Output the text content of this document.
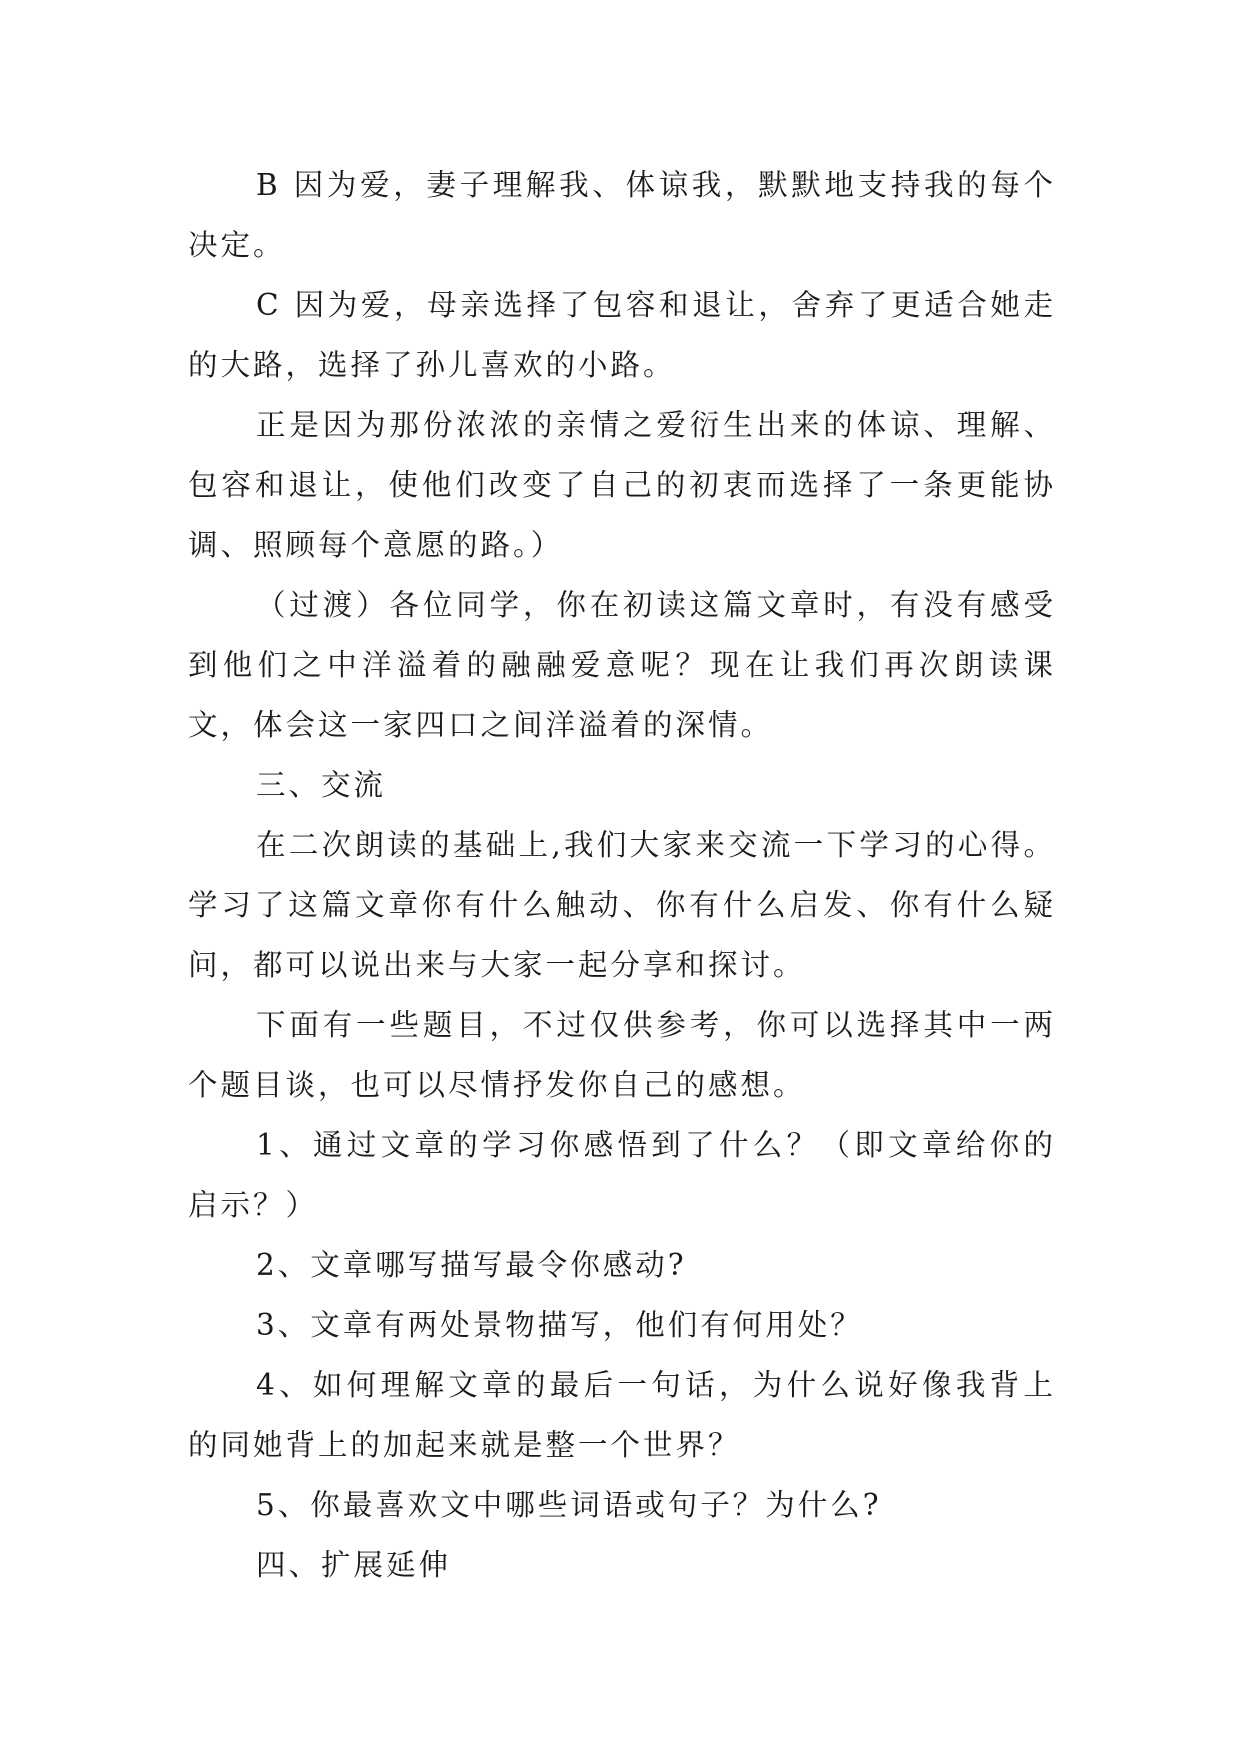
B 因为爱，妻子理解我、体谅我，默默地支持我的每个决定。

C 因为爱，母亲选择了包容和退让，舍弃了更适合她走的大路，选择了孙儿喜欢的小路。

正是因为那份浓浓的亲情之爱衍生出来的体谅、理解、包容和退让，使他们改变了自己的初衷而选择了一条更能协调、照顾每个意愿的路。）

（过渡）各位同学，你在初读这篇文章时，有没有感受到他们之中洋溢着的融融爱意呢？现在让我们再次朗读课文，体会这一家四口之间洋溢着的深情。

三、交流

在二次朗读的基础上,我们大家来交流一下学习的心得。学习了这篇文章你有什么触动、你有什么启发、你有什么疑问，都可以说出来与大家一起分享和探讨。

下面有一些题目，不过仅供参考，你可以选择其中一两个题目谈，也可以尽情抒发你自己的感想。

1、通过文章的学习你感悟到了什么？（即文章给你的启示？）

2、文章哪写描写最令你感动?

3、文章有两处景物描写，他们有何用处？

4、如何理解文章的最后一句话，为什么说好像我背上的同她背上的加起来就是整一个世界？

5、你最喜欢文中哪些词语或句子？为什么?

四、扩展延伸
